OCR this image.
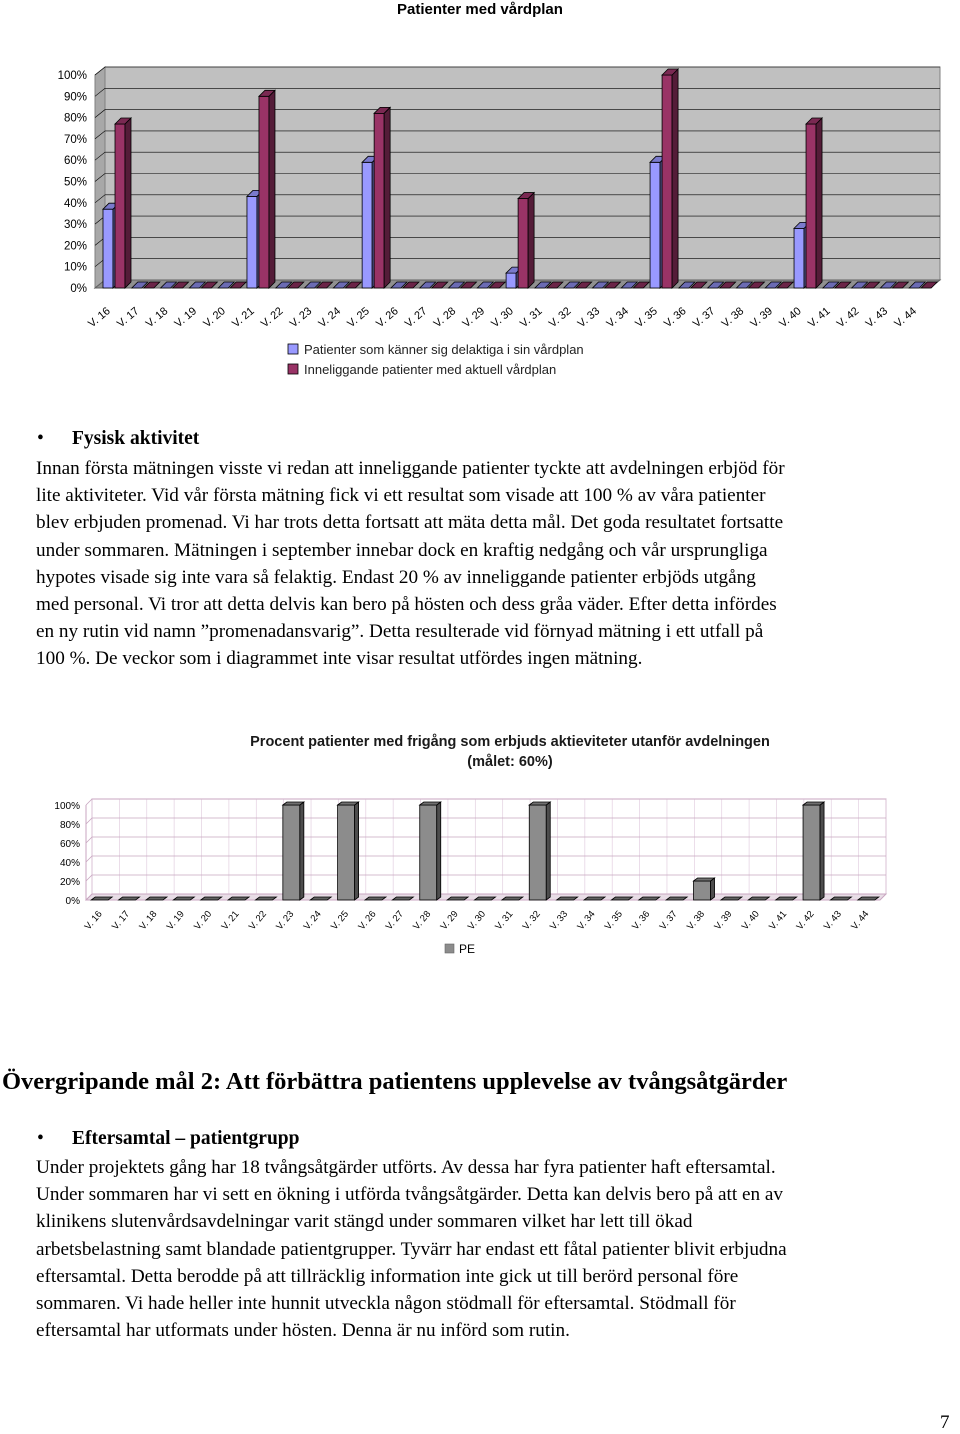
Patienter med vårdplan
0%
10%
20%
30%
40%
50%
60%
70%
80%
90%
100%
V. 16 V. 17 V. 18 V. 19 V. 20 V. 21 V. 22 V. 23 V. 24 V. 25 V. 26 V. 27 V. 28 V. 29 V. 30 V. 31 V. 32 V. 33 V. 34 V. 35 V. 36 V. 37 V. 38 V. 39 V. 40 V. 41 V. 42 V. 43 V. 44
Patienter som känner sig delaktiga i sin vårdplan
Inneliggande patienter med aktuell vårdplan
• Fysisk aktivitet
Innan första mätningen visste vi redan att inneliggande patienter tyckte att avdelningen erbjöd för
lite aktiviteter. Vid vår första mätning fick vi ett resultat som visade att 100 % av våra patienter
blev erbjuden promenad. Vi har trots detta fortsatt att mäta detta mål. Det goda resultatet fortsatte
under sommaren. Mätningen i september innebar dock en kraftig nedgång och vår ursprungliga
hypotes visade sig inte vara så felaktig. Endast 20 % av inneliggande patienter erbjöds utgång
med personal. Vi tror att detta delvis kan bero på hösten och dess gråa väder. Efter detta infördes
en ny rutin vid namn ”promenadansvarig”. Detta resulterade vid förnyad mätning i ett utfall på
100 %. De veckor som i diagrammet inte visar resultat utfördes ingen mätning.
Procent patienter med frigång som erbjuds aktieviteter utanför avdelningen
(målet: 60%)
0%
20%
40%
60%
80%
100%
V. 16 V. 17 V. 18 V. 19 V. 20 V. 21 V. 22 V. 23 V. 24 V. 25 V. 26 V. 27 V. 28 V. 29 V. 30 V. 31 V. 32 V. 33 V. 34 V. 35 V. 36 V. 37 V. 38 V. 39 V. 40 V. 41 V. 42 V. 43 V. 44
PE
Övergripande mål 2: Att förbättra patientens upplevelse av tvångsåtgärder
• Eftersamtal – patientgrupp
Under projektets gång har 18 tvångsåtgärder utförts. Av dessa har fyra patienter haft eftersamtal.
Under sommaren har vi sett en ökning i utförda tvångsåtgärder. Detta kan delvis bero på att en av
klinikens slutenvårdsavdelningar varit stängd under sommaren vilket har lett till ökad
arbetsbelastning samt blandade patientgrupper. Tyvärr har endast ett fåtal patienter blivit erbjudna
eftersamtal. Detta berodde på att tillräcklig information inte gick ut till berörd personal före
sommaren. Vi hade heller inte hunnit utveckla någon stödmall för eftersamtal. Stödmall för
eftersamtal har utformats under hösten. Denna är nu införd som rutin.
7
